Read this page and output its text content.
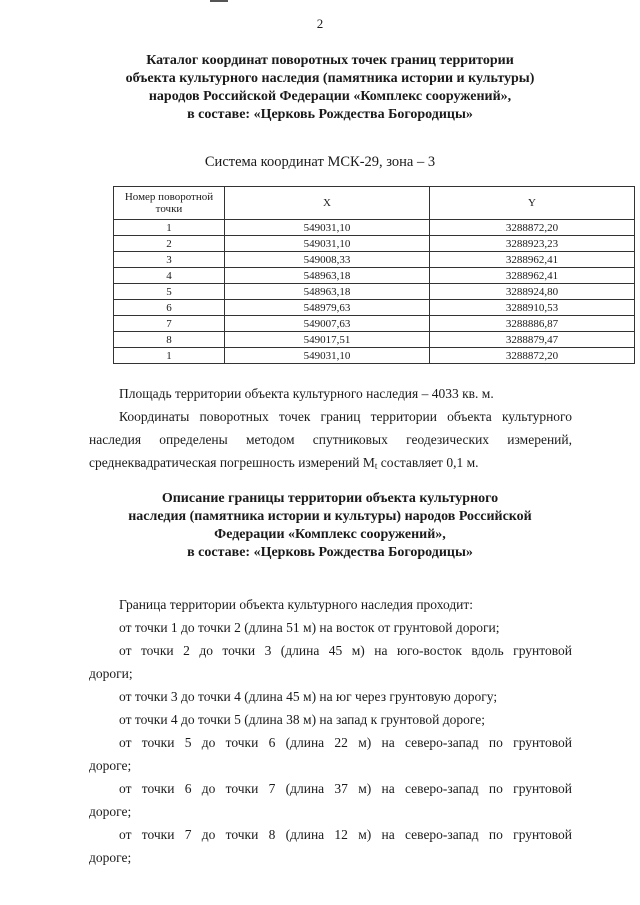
2
Каталог координат поворотных точек границ территории
объекта культурного наследия (памятника истории и культуры)
народов Российской Федерации «Комплекс сооружений»,
в составе: «Церковь Рождества Богородицы»
Система координат МСК-29, зона – 3
Номер поворотной точки	X	Y
1	549031,10	3288872,20
2	549031,10	3288923,23
3	549008,33	3288962,41
4	548963,18	3288962,41
5	548963,18	3288924,80
6	548979,63	3288910,53
7	549007,63	3288886,87
8	549017,51	3288879,47
1	549031,10	3288872,20
Площадь территории объекта культурного наследия – 4033 кв. м.
Координаты поворотных точек границ территории объекта культурного
наследия определены методом спутниковых геодезических измерений,
среднеквадратическая погрешность измерений $M_t$ составляет 0,1 м.
Описание границы территории объекта культурного
наследия (памятника истории и культуры) народов Российской
Федерации «Комплекс сооружений»,
в составе: «Церковь Рождества Богородицы»
Граница территории объекта культурного наследия проходит:
от точки 1 до точки 2 (длина 51 м) на восток от грунтовой дороги;
от точки 2 до точки 3 (длина 45 м) на юго-восток вдоль грунтовой
дороги;
от точки 3 до точки 4 (длина 45 м) на юг через грунтовую дорогу;
от точки 4 до точки 5 (длина 38 м) на запад к грунтовой дороге;
от точки 5 до точки 6 (длина 22 м) на северо-запад по грунтовой
дороге;
от точки 6 до точки 7 (длина 37 м) на северо-запад по грунтовой
дороге;
от точки 7 до точки 8 (длина 12 м) на северо-запад по грунтовой
дороге;
